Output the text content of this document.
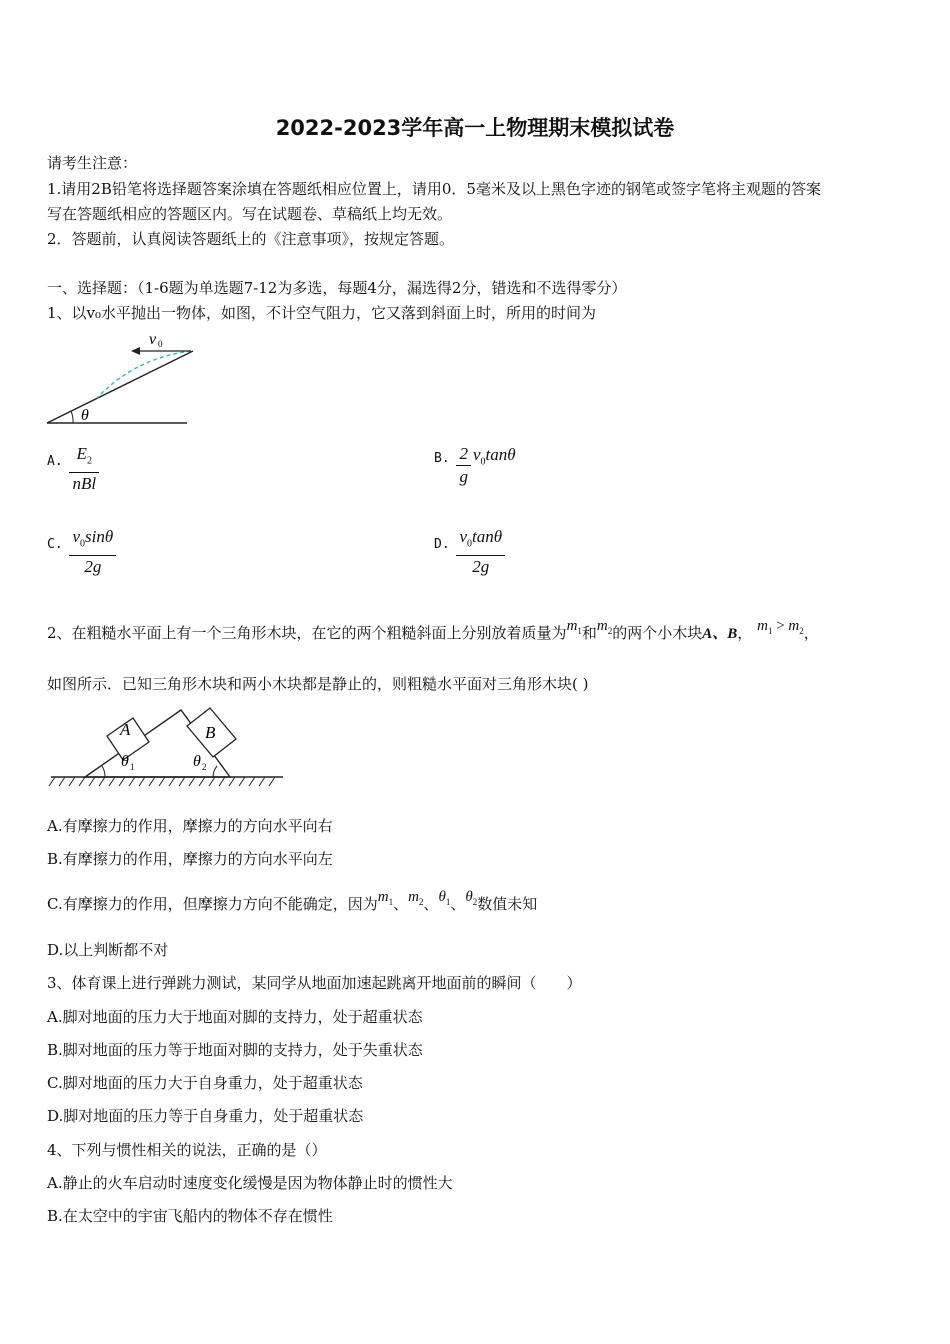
2022-2023学年高一上物理期末模拟试卷
请考生注意：
1.请用2B铅笔将选择题答案涂填在答题纸相应位置上，请用0．5毫米及以上黑色字迹的钢笔或签字笔将主观题的答案
写在答题纸相应的答题区内。写在试题卷、草稿纸上均无效。
2．答题前，认真阅读答题纸上的《注意事项》，按规定答题。
一、选择题：（1-6题为单选题7-12为多选，每题4分，漏选得2分，错选和不选得零分）
1、以v₀水平抛出一物体，如图，不计空气阻力，它又落到斜面上时，所用的时间为
v 0
θ
A. $\frac{E_2}{\text{nBl}}$	B. $\frac{2}{g} v_0\tan\theta$
C. $\frac{v_0\sin\theta}{2g}$	D. $\frac{v_0\tan\theta}{2g}$
2、在粗糙水平面上有一个三角形木块，在它的两个粗糙斜面上分别放着质量为$m_1$和$m_2$的两个小木块A、B， $m_1 > m_2$，
如图所示．已知三角形木块和两小木块都是静止的，则粗糙水平面对三角形木块( )
A	B
θ 1	θ 2
A.有摩擦力的作用，摩擦力的方向水平向右
B.有摩擦力的作用，摩擦力的方向水平向左
C.有摩擦力的作用，但摩擦力方向不能确定，因为$m_1$、$m_2$、$\theta_1$、$\theta_2$数值未知
D.以上判断都不对
3、体育课上进行弹跳力测试，某同学从地面加速起跳离开地面前的瞬间（　　）
A.脚对地面的压力大于地面对脚的支持力，处于超重状态
B.脚对地面的压力等于地面对脚的支持力，处于失重状态
C.脚对地面的压力大于自身重力，处于超重状态
D.脚对地面的压力等于自身重力，处于超重状态
4、下列与惯性相关的说法，正确的是（）
A.静止的火车启动时速度变化缓慢是因为物体静止时的惯性大
B.在太空中的宇宙飞船内的物体不存在惯性
